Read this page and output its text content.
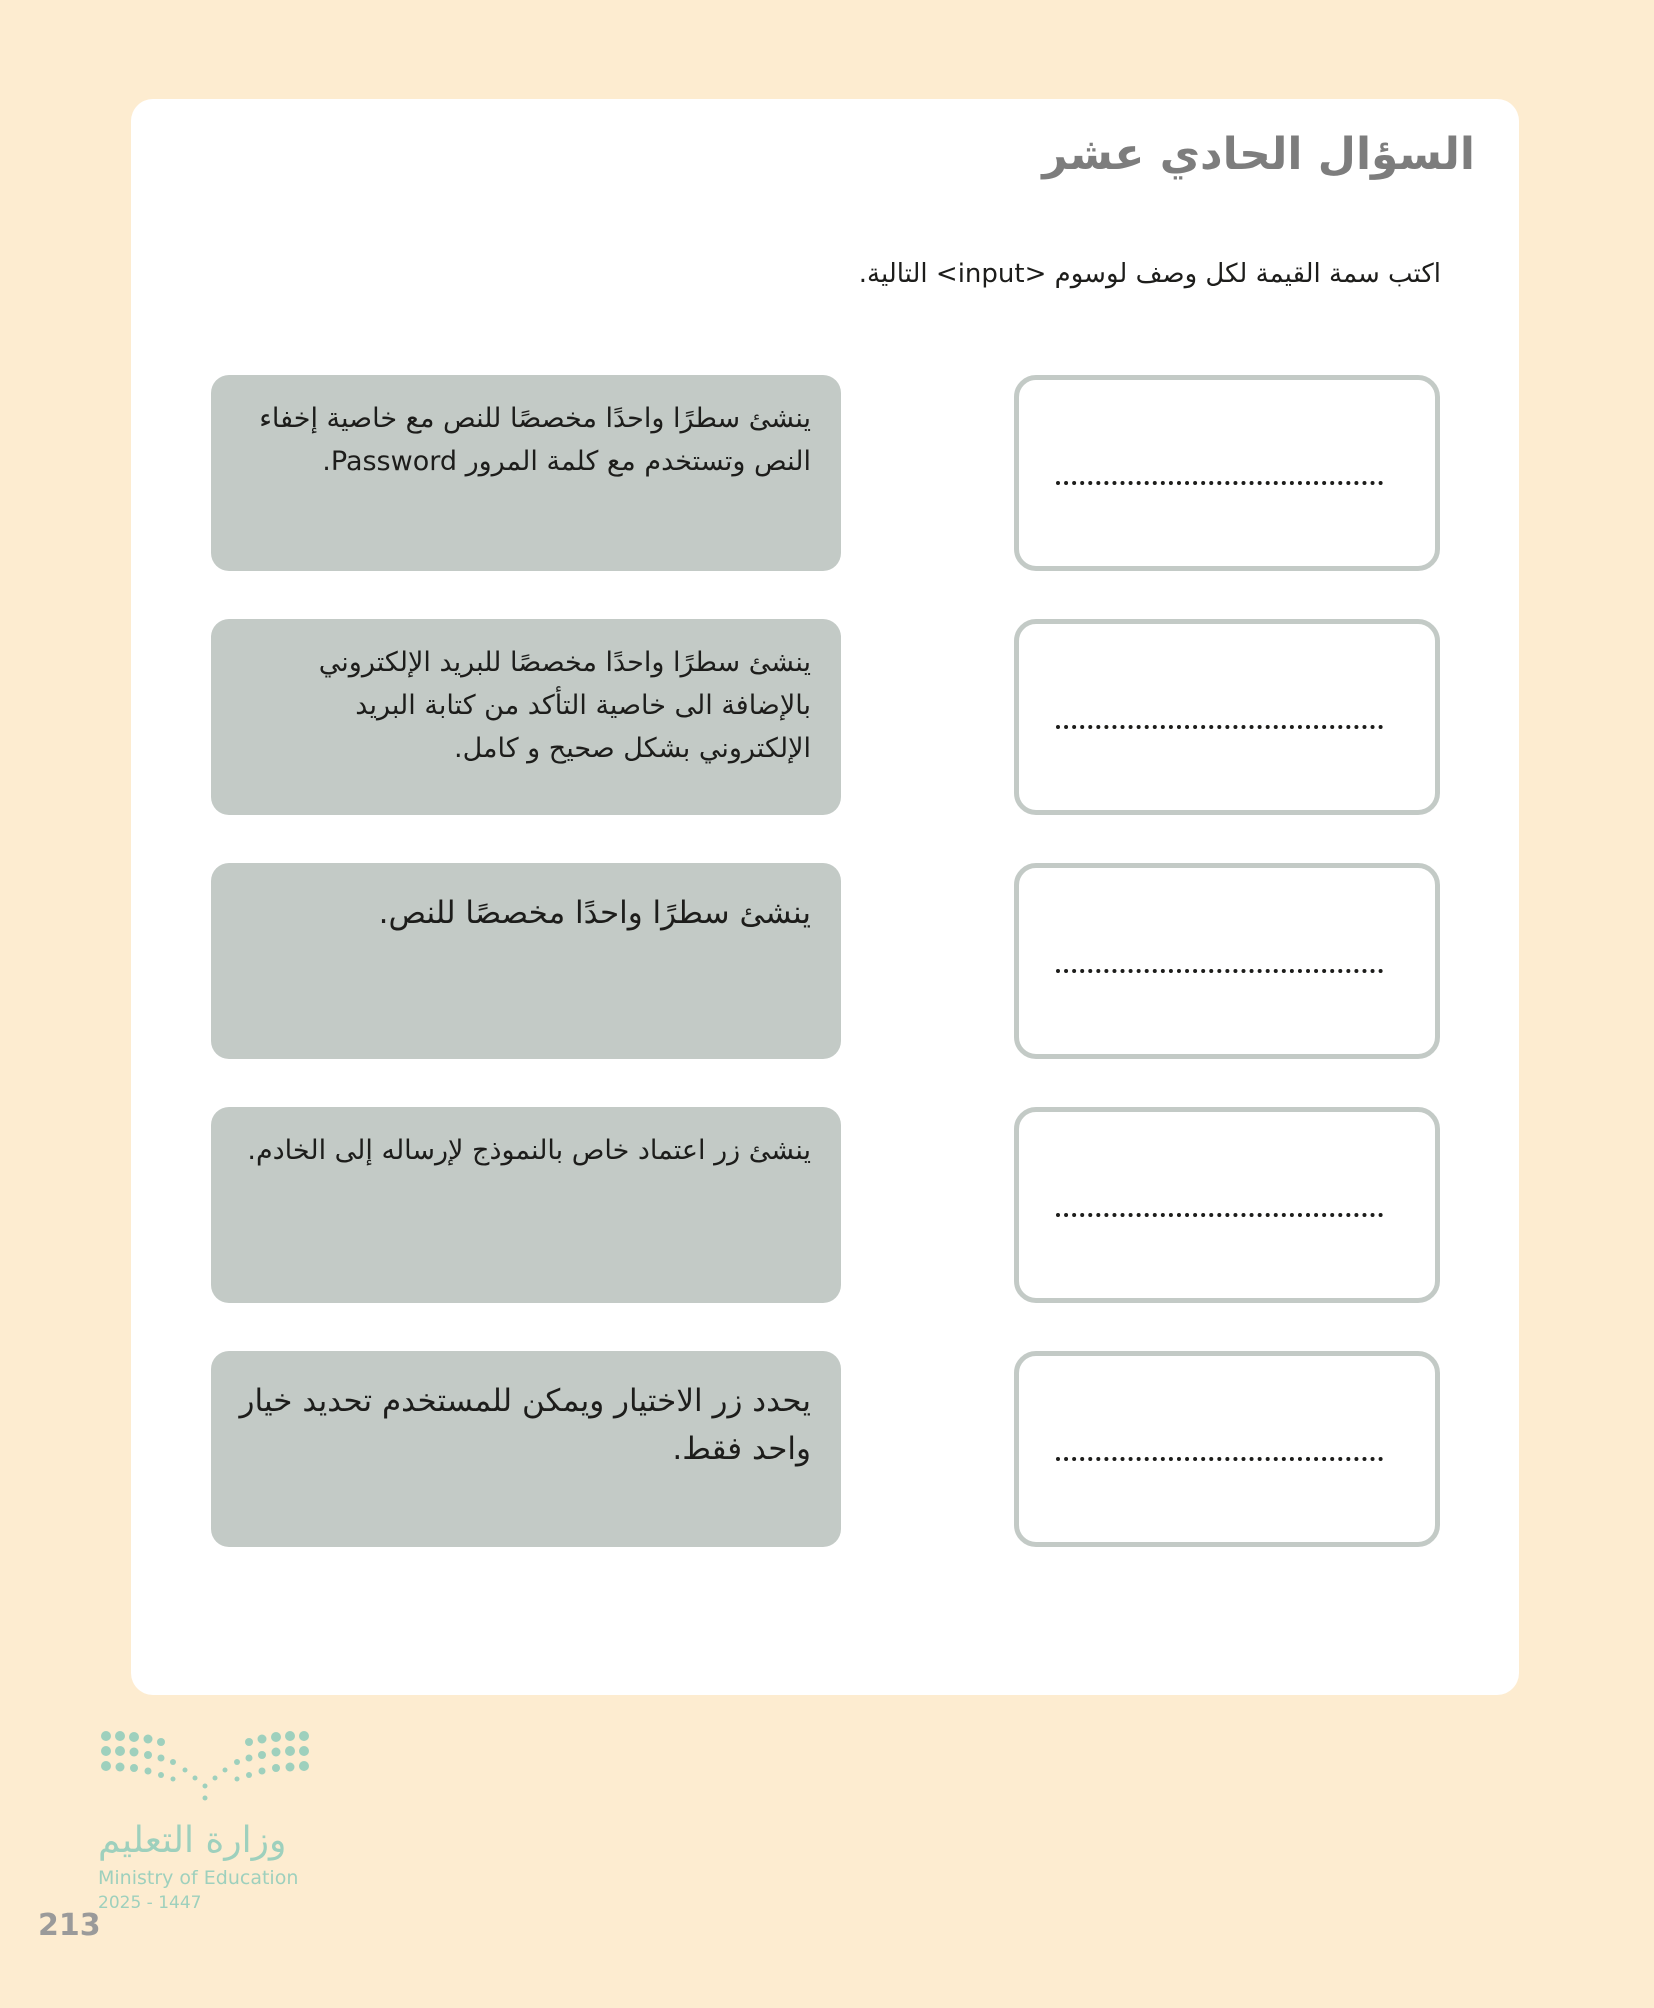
السؤال الحادي عشر

اكتب سمة القيمة لكل وصف لوسوم <input> التالية.

ينشئ سطرًا واحدًا مخصصًا للنص مع خاصية إخفاء النص وتستخدم مع كلمة المرور Password.
ينشئ سطرًا واحدًا مخصصًا للبريد الإلكتروني بالإضافة الى خاصية التأكد من كتابة البريد الإلكتروني بشكل صحيح و كامل.
ينشئ سطرًا واحدًا مخصصًا للنص.
ينشئ زر اعتماد خاص بالنموذج لإرساله إلى الخادم.
يحدد زر الاختيار ويمكن للمستخدم تحديد خيار واحد فقط.

وزارة التعليم

Ministry of Education

2025 - 1447

213
